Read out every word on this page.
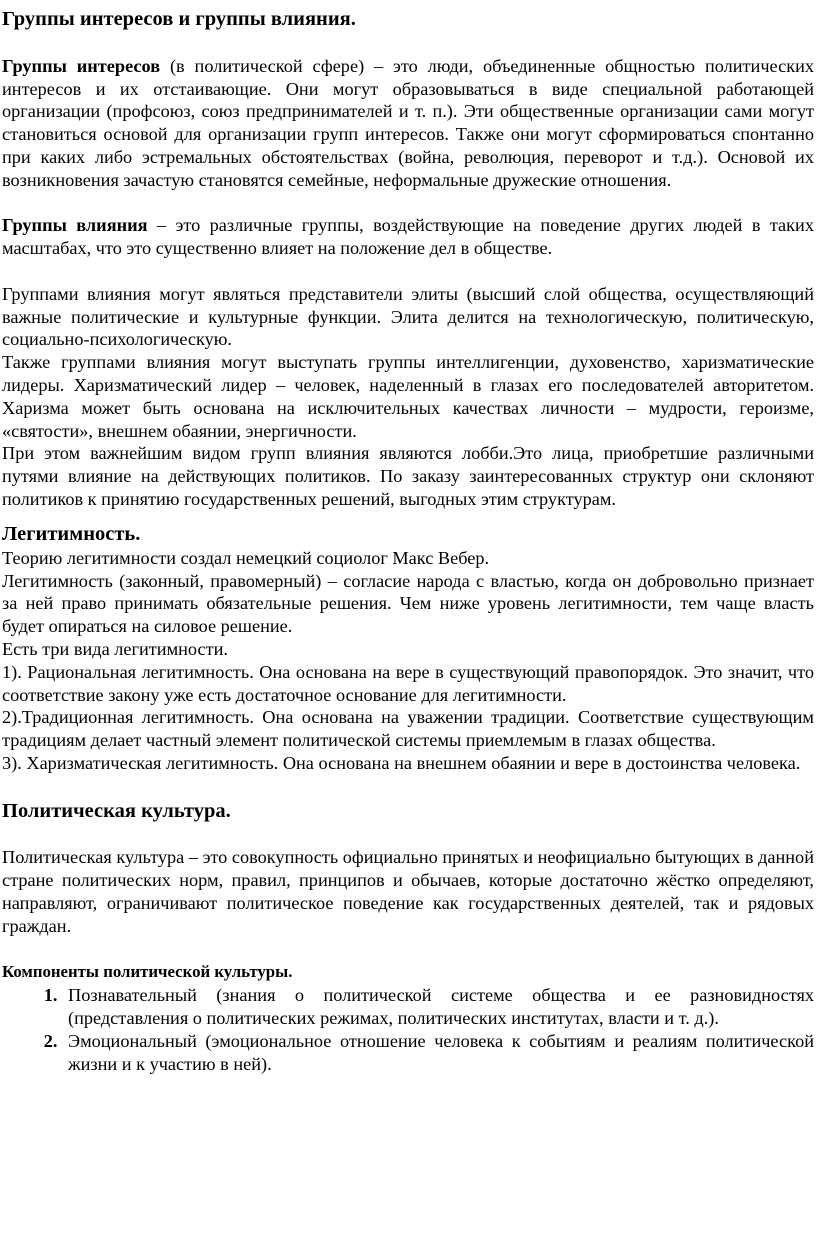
Группы интересов и группы влияния.

Группы интересов (в политической сфере) – это люди, объединенные общностью политических интересов и их отстаивающие. Они могут образовываться в виде специальной работающей организации (профсоюз, союз предпринимателей и т. п.). Эти общественные организации сами могут становиться основой для организации групп интересов. Также они могут сформироваться спонтанно при каких либо эстремальных обстоятельствах (война, революция, переворот и т.д.). Основой их возникновения зачастую становятся семейные, неформальные дружеские отношения.

Группы влияния – это различные группы, воздействующие на поведение других людей в таких масштабах, что это существенно влияет на положение дел в обществе.

Группами влияния могут являться представители элиты (высший слой общества, осуществляющий важные политические и культурные функции. Элита делится на технологическую, политическую, социально-психологическую.

Также группами влияния могут выступать группы интеллигенции, духовенство, харизматические лидеры. Харизматический лидер – человек, наделенный в глазах его последователей авторитетом. Харизма может быть основана на исключительных качествах личности – мудрости, героизме, «святости», внешнем обаянии, энергичности.

При этом важнейшим видом групп влияния являются лобби.Это лица, приобретшие различными путями влияние на действующих политиков. По заказу заинтересованных структур они склоняют политиков к принятию государственных решений, выгодных этим структурам.

Легитимность.

Теорию легитимности создал немецкий социолог Макс Вебер.

Легитимность (законный, правомерный) – согласие народа с властью, когда он добровольно признает за ней право принимать обязательные решения. Чем ниже уровень легитимности, тем чаще власть будет опираться на силовое решение.

Есть три вида легитимности.

1). Рациональная легитимность. Она основана на вере в существующий правопорядок. Это значит, что соответствие закону уже есть достаточное основание для легитимности.

2).Традиционная легитимность. Она основана на уважении традиции. Соответствие существующим традициям делает частный элемент политической системы приемлемым в глазах общества.

3). Харизматическая легитимность. Она основана на внешнем обаянии и вере в достоинства человека.

Политическая культура.

Политическая культура – это совокупность официально принятых и неофициально бытующих в данной стране политических норм, правил, принципов и обычаев, которые достаточно жёстко определяют, направляют, ограничивают политическое поведение как государственных деятелей, так и рядовых граждан.

Компоненты политической культуры.

1. Познавательный (знания о политической системе общества и ее разновидностях (представления о политических режимах, политических институтах, власти и т. д.).
2. Эмоциональный (эмоциональное отношение человека к событиям и реалиям политической жизни и к участию в ней).
